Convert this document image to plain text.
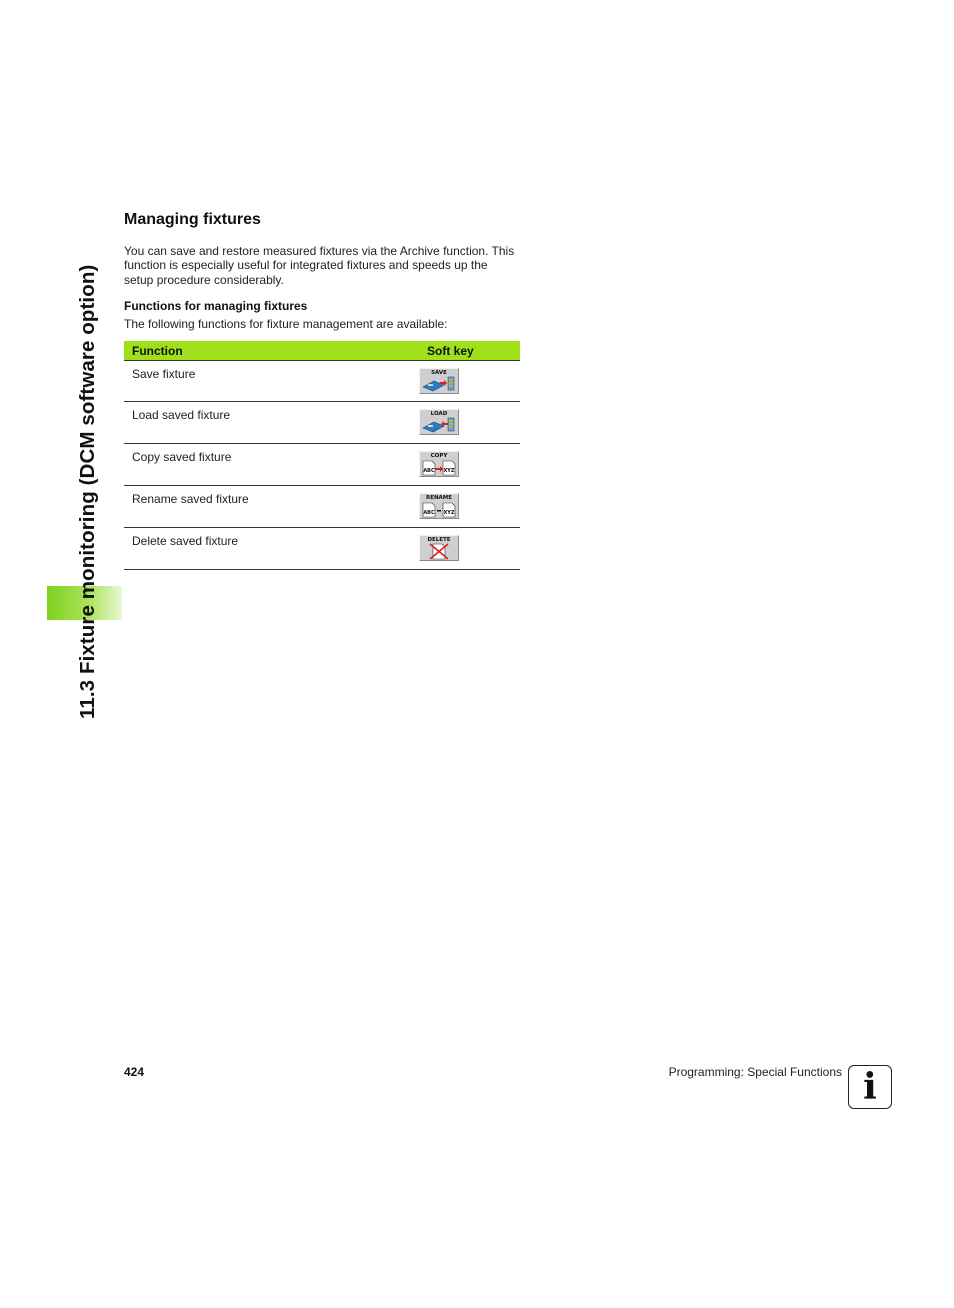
11.3 Fixture monitoring (DCM software option)
Managing fixtures

You can save and restore measured fixtures via the Archive function. This function is especially useful for integrated fixtures and speeds up the setup procedure considerably.

Functions for managing fixtures

The following functions for fixture management are available:

Function	Soft key
Save fixture	SAVE
Load saved fixture	LOAD
Copy saved fixture	COPY
ABC XYZ
Rename saved fixture	RENAME
ABC XYZ
Delete saved fixture	DELETE
424	Programming: Special Functions i
